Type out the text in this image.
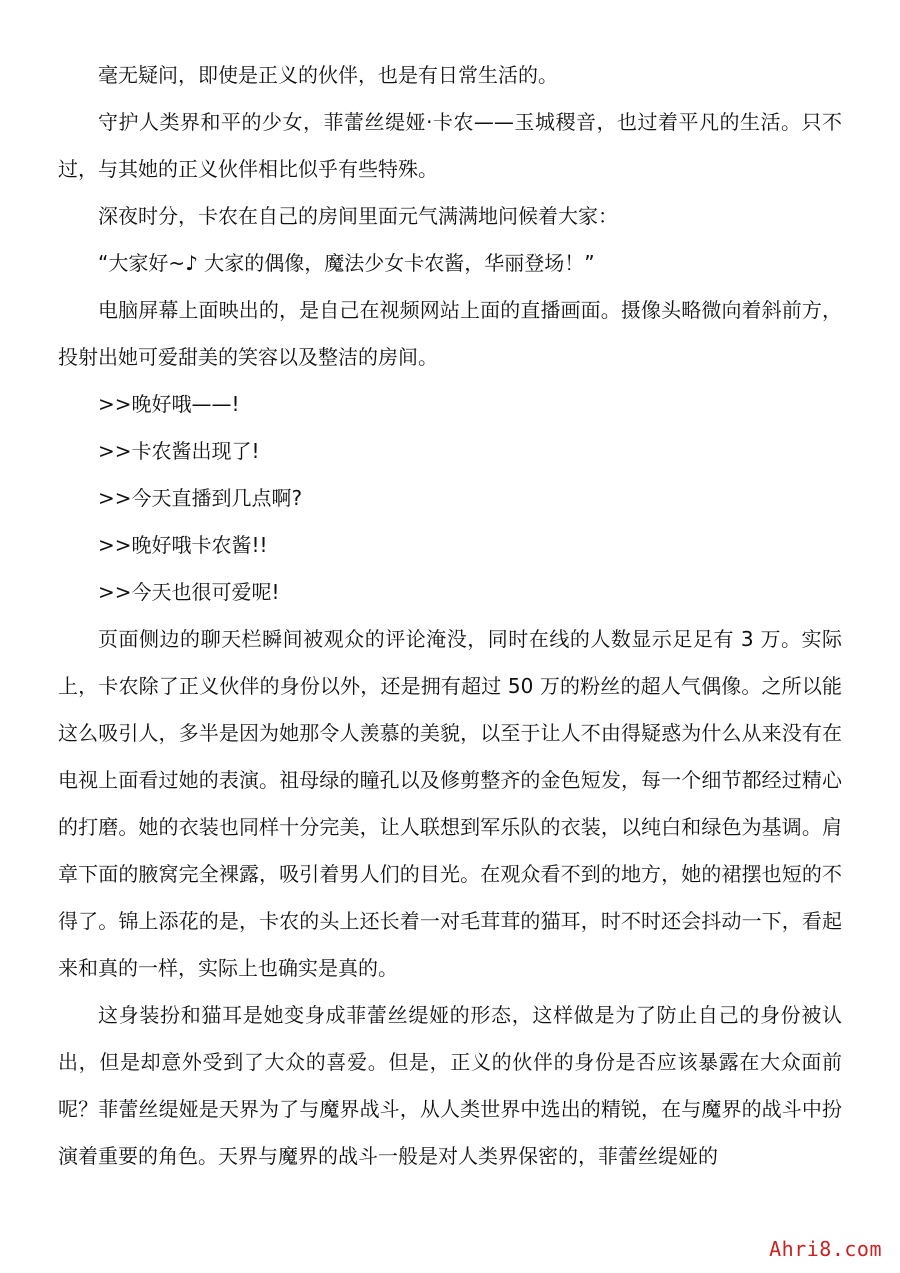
毫无疑问，即使是正义的伙伴，也是有日常生活的。

守护人类界和平的少女，菲蕾丝缇娅·卡农——玉城稷音，也过着平凡的生活。只不过，与其她的正义伙伴相比似乎有些特殊。

深夜时分，卡农在自己的房间里面元气满满地问候着大家：

“大家好~♪ 大家的偶像，魔法少女卡农酱，华丽登场！”

电脑屏幕上面映出的，是自己在视频网站上面的直播画面。摄像头略微向着斜前方，投射出她可爱甜美的笑容以及整洁的房间。

>>晚好哦——!

>>卡农酱出现了!

>>今天直播到几点啊?

>>晚好哦卡农酱!!

>>今天也很可爱呢!

页面侧边的聊天栏瞬间被观众的评论淹没，同时在线的人数显示足足有 3 万。实际上，卡农除了正义伙伴的身份以外，还是拥有超过 50 万的粉丝的超人气偶像。之所以能这么吸引人，多半是因为她那令人羡慕的美貌，以至于让人不由得疑惑为什么从来没有在电视上面看过她的表演。祖母绿的瞳孔以及修剪整齐的金色短发，每一个细节都经过精心的打磨。她的衣装也同样十分完美，让人联想到军乐队的衣装，以纯白和绿色为基调。肩章下面的腋窝完全裸露，吸引着男人们的目光。在观众看不到的地方，她的裙摆也短的不得了。锦上添花的是，卡农的头上还长着一对毛茸茸的猫耳，时不时还会抖动一下，看起来和真的一样，实际上也确实是真的。

这身装扮和猫耳是她变身成菲蕾丝缇娅的形态，这样做是为了防止自己的身份被认出，但是却意外受到了大众的喜爱。但是，正义的伙伴的身份是否应该暴露在大众面前呢？菲蕾丝缇娅是天界为了与魔界战斗，从人类世界中选出的精锐，在与魔界的战斗中扮演着重要的角色。天界与魔界的战斗一般是对人类界保密的，菲蕾丝缇娅的

Ahri8.com
